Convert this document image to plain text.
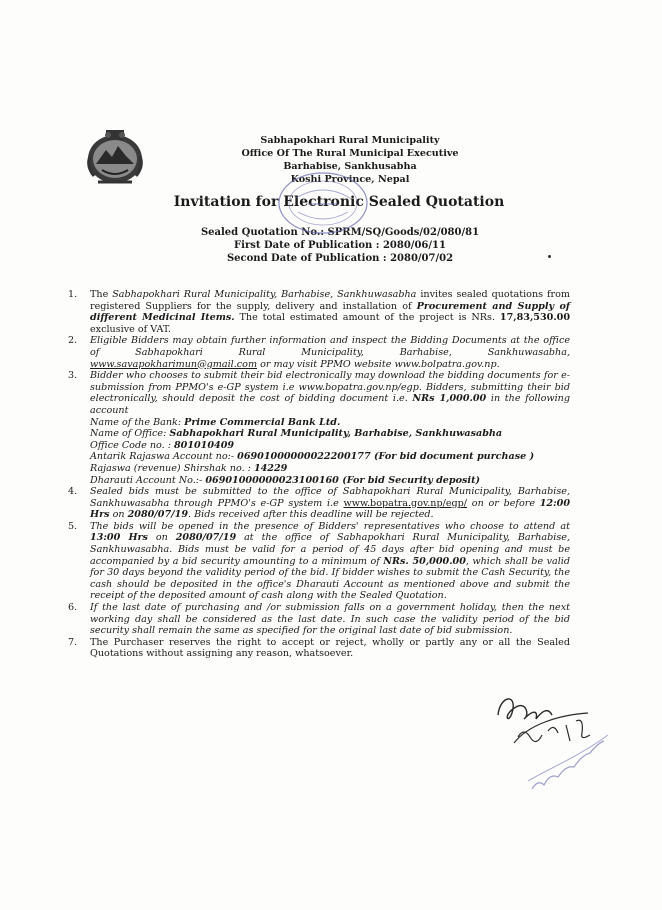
Sabhapokhari Rural Municipality
Office Of The Rural Municipal Executive
Barhabise, Sankhusabha
Koshi Province, Nepal
Invitation for Electronic Sealed Quotation
Sealed Quotation No.: SPRM/SQ/Goods/02/080/81
First Date of Publication : 2080/06/11
Second Date of Publication : 2080/07/02
1.	The Sabhapokhari Rural Municipality, Barhabise, Sankhuwasabha invites sealed quotations from registered Suppliers for the supply, delivery and installation of Procurement and Supply of different Medicinal Items. The total estimated amount of the project is NRs. 17,83,530.00 exclusive of VAT.
2.	Eligible Bidders may obtain further information and inspect the Bidding Documents at the office of Sabhapokhari Rural Municipality, Barhabise, Sankhuwasabha, www.savapokharimun@gmail.com or may visit PPMO website www.bolpatra.gov.np.
3.	Bidder who chooses to submit their bid electronically may download the bidding documents for e-submission from PPMO's e-GP system i.e www.bopatra.gov.np/egp. Bidders, submitting their bid electronically, should deposit the cost of bidding document i.e. NRs 1,000.00 in the following account
Name of the Bank: Prime Commercial Bank Ltd.
Name of Office: Sabhapokhari Rural Municipality, Barhabise, Sankhuwasabha
Office Code no. : 801010409
Antarik Rajaswa Account no:- 06901000000022200177 (For bid document purchase )
Rajaswa (revenue) Shirshak no. : 14229
Dharauti Account No.:- 06901000000023100160 (For bid Security deposit)
4.	Sealed bids must be submitted to the office of Sabhapokhari Rural Municipality, Barhabise, Sankhuwasabha through PPMO's e-GP system i.e www.bopatra.gov.np/egp/ on or before 12:00 Hrs on 2080/07/19. Bids received after this deadline will be rejected.
5.	The bids will be opened in the presence of Bidders' representatives who choose to attend at 13:00 Hrs on 2080/07/19 at the office of Sabhapokhari Rural Municipality, Barhabise, Sankhuwasabha. Bids must be valid for a period of 45 days after bid opening and must be accompanied by a bid security amounting to a minimum of NRs. 50,000.00, which shall be valid for 30 days beyond the validity period of the bid. If bidder wishes to submit the Cash Security, the cash should be deposited in the office's Dharauti Account as mentioned above and submit the receipt of the deposited amount of cash along with the Sealed Quotation.
6.	If the last date of purchasing and /or submission falls on a government holiday, then the next working day shall be considered as the last date. In such case the validity period of the bid security shall remain the same as specified for the original last date of bid submission.
7.	The Purchaser reserves the right to accept or reject, wholly or partly any or all the Sealed Quotations without assigning any reason, whatsoever.
